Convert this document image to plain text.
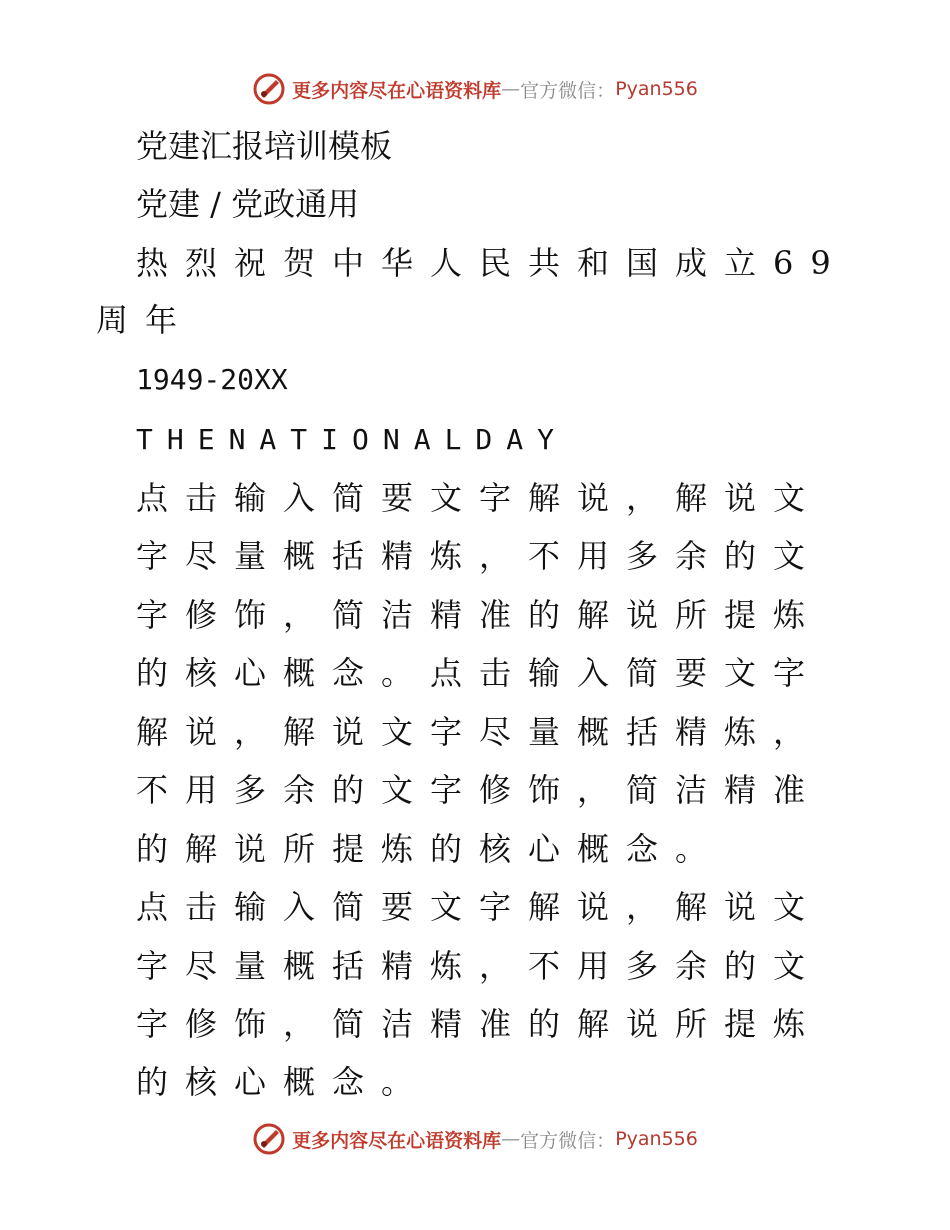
更多内容尽在心语资料库 — 官方微信： Pyan556
党建汇报培训模板
党建 / 党政通用
热烈祝贺中华人民共和国成立69
周年
1949-20XX
THENATIONALDAY
点击输入简要文字解说，解说文
字尽量概括精炼，不用多余的文
字修饰，简洁精准的解说所提炼
的核心概念。点击输入简要文字
解说，解说文字尽量概括精炼，
不用多余的文字修饰，简洁精准
的解说所提炼的核心概念。
点击输入简要文字解说，解说文
字尽量概括精炼，不用多余的文
字修饰，简洁精准的解说所提炼
的核心概念。
更多内容尽在心语资料库 — 官方微信： Pyan556
